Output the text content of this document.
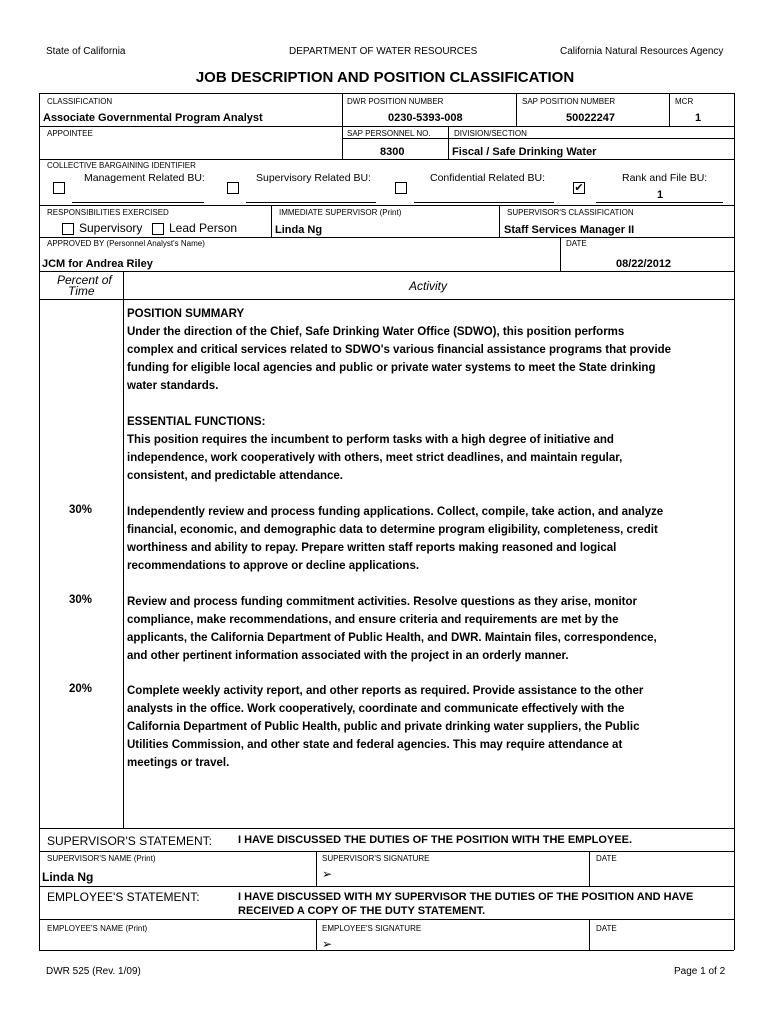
State of California	DEPARTMENT OF WATER RESOURCES	California Natural Resources Agency
JOB DESCRIPTION AND POSITION CLASSIFICATION
CLASSIFICATION
Associate Governmental Program Analyst
DWR POSITION NUMBER
0230-5393-008
SAP POSITION NUMBER
50022247
MCR
1
APPOINTEE	SAP PERSONNEL NO.
8300
DIVISION/SECTION
Fiscal / Safe Drinking Water
COLLECTIVE BARGAINING IDENTIFIER
Management Related BU:	Supervisory Related BU:	Confidential Related BU:
✔
Rank and File BU:
1
RESPONSIBILITIES EXERCISED
Supervisory Lead Person
IMMEDIATE SUPERVISOR (Print)
Linda Ng
SUPERVISOR'S CLASSIFICATION
Staff Services Manager II
APPROVED BY (Personnel Analyst's Name)
JCM for Andrea Riley
DATE
08/22/2012
Percent of
Time	Activity
POSITION SUMMARY
Under the direction of the Chief, Safe Drinking Water Office (SDWO), this position performs
complex and critical services related to SDWO's various financial assistance programs that provide
funding for eligible local agencies and public or private water systems to meet the State drinking
water standards.
ESSENTIAL FUNCTIONS:
This position requires the incumbent to perform tasks with a high degree of initiative and
independence, work cooperatively with others, meet strict deadlines, and maintain regular,
consistent, and predictable attendance.
30%	Independently review and process funding applications. Collect, compile, take action, and analyze
financial, economic, and demographic data to determine program eligibility, completeness, credit
worthiness and ability to repay. Prepare written staff reports making reasoned and logical
recommendations to approve or decline applications.
30%	Review and process funding commitment activities. Resolve questions as they arise, monitor
compliance, make recommendations, and ensure criteria and requirements are met by the
applicants, the California Department of Public Health, and DWR. Maintain files, correspondence,
and other pertinent information associated with the project in an orderly manner.
20%	Complete weekly activity report, and other reports as required. Provide assistance to the other
analysts in the office. Work cooperatively, coordinate and communicate effectively with the
California Department of Public Health, public and private drinking water suppliers, the Public
Utilities Commission, and other state and federal agencies. This may require attendance at
meetings or travel.
SUPERVISOR'S STATEMENT: I HAVE DISCUSSED THE DUTIES OF THE POSITION WITH THE EMPLOYEE.
SUPERVISOR'S NAME (Print)
Linda Ng
SUPERVISOR'S SIGNATURE
➢
DATE
EMPLOYEE'S STATEMENT:	I HAVE DISCUSSED WITH MY SUPERVISOR THE DUTIES OF THE POSITION AND HAVE
RECEIVED A COPY OF THE DUTY STATEMENT.
EMPLOYEE'S NAME (Print)	EMPLOYEE'S SIGNATURE
➢
DATE
DWR 525 (Rev. 1/09)	Page 1 of 2
